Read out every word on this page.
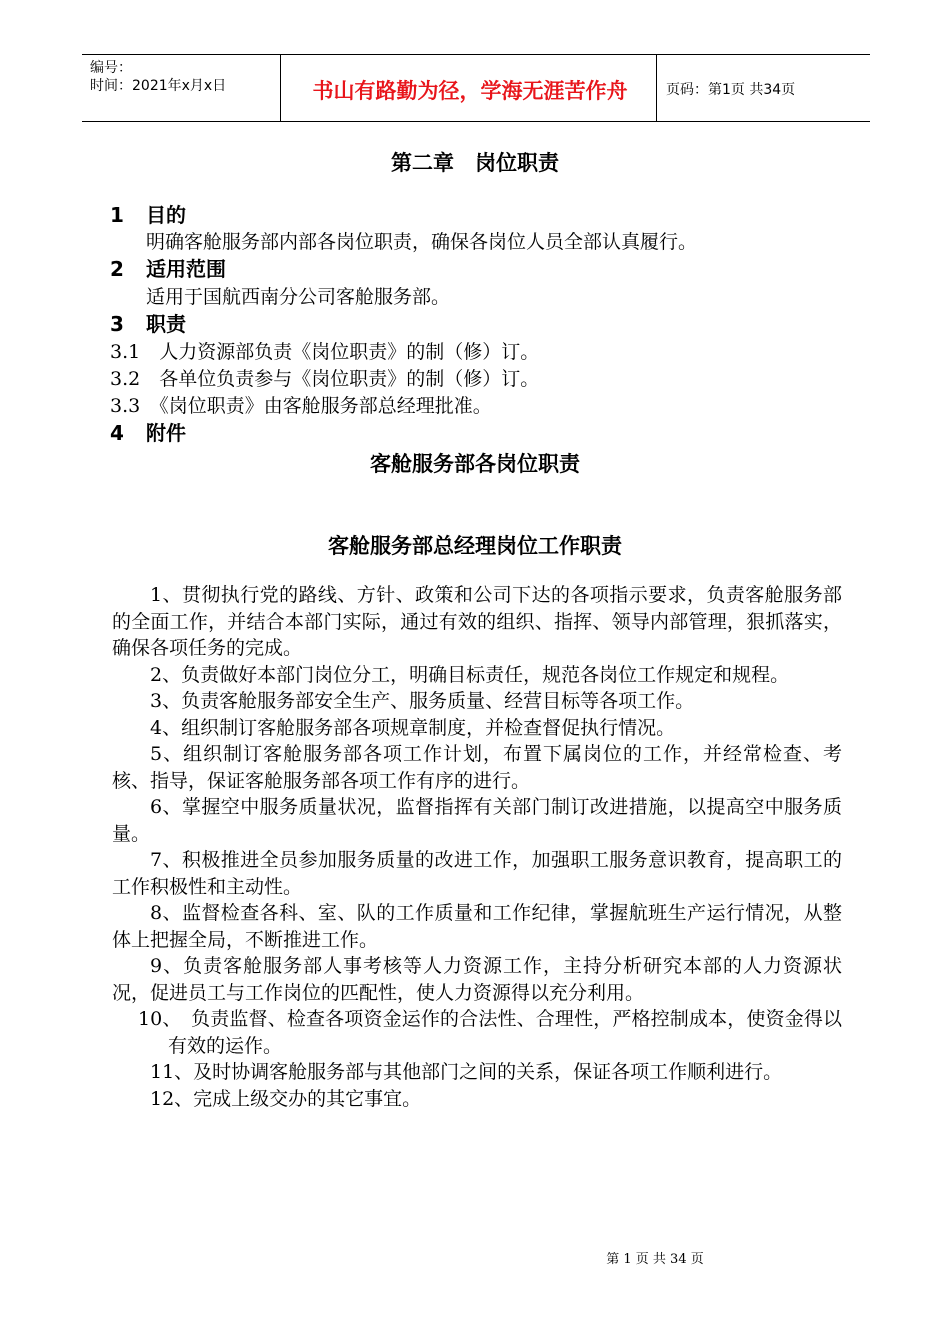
编号：
时间：2021年x月x日	书山有路勤为径，学海无涯苦作舟	页码：第1页 共34页
第二章　岗位职责
1 目的
明确客舱服务部内部各岗位职责，确保各岗位人员全部认真履行。
2 适用范围
适用于国航西南分公司客舱服务部。
3 职责
3.1　人力资源部负责《岗位职责》的制（修）订。
3.2　各单位负责参与《岗位职责》的制（修）订。
3.3　《岗位职责》由客舱服务部总经理批准。
4 附件
客舱服务部各岗位职责
客舱服务部总经理岗位工作职责

1、贯彻执行党的路线、方针、政策和公司下达的各项指示要求，负责客舱服务部的全面工作，并结合本部门实际，通过有效的组织、指挥、领导内部管理，狠抓落实，确保各项任务的完成。

2、负责做好本部门岗位分工，明确目标责任，规范各岗位工作规定和规程。

3、负责客舱服务部安全生产、服务质量、经营目标等各项工作。

4、组织制订客舱服务部各项规章制度，并检查督促执行情况。

5、组织制订客舱服务部各项工作计划，布置下属岗位的工作，并经常检查、考核、指导，保证客舱服务部各项工作有序的进行。

6、掌握空中服务质量状况，监督指挥有关部门制订改进措施，以提高空中服务质量。

7、积极推进全员参加服务质量的改进工作，加强职工服务意识教育，提高职工的工作积极性和主动性。

8、监督检查各科、室、队的工作质量和工作纪律，掌握航班生产运行情况，从整体上把握全局，不断推进工作。

9、负责客舱服务部人事考核等人力资源工作，主持分析研究本部的人力资源状况，促进员工与工作岗位的匹配性，使人力资源得以充分利用。

10、　负责监督、检查各项资金运作的合法性、合理性，严格控制成本，使资金得以有效的运作。

11、及时协调客舱服务部与其他部门之间的关系，保证各项工作顺利进行。

12、完成上级交办的其它事宜。

第 1 页 共 34 页
